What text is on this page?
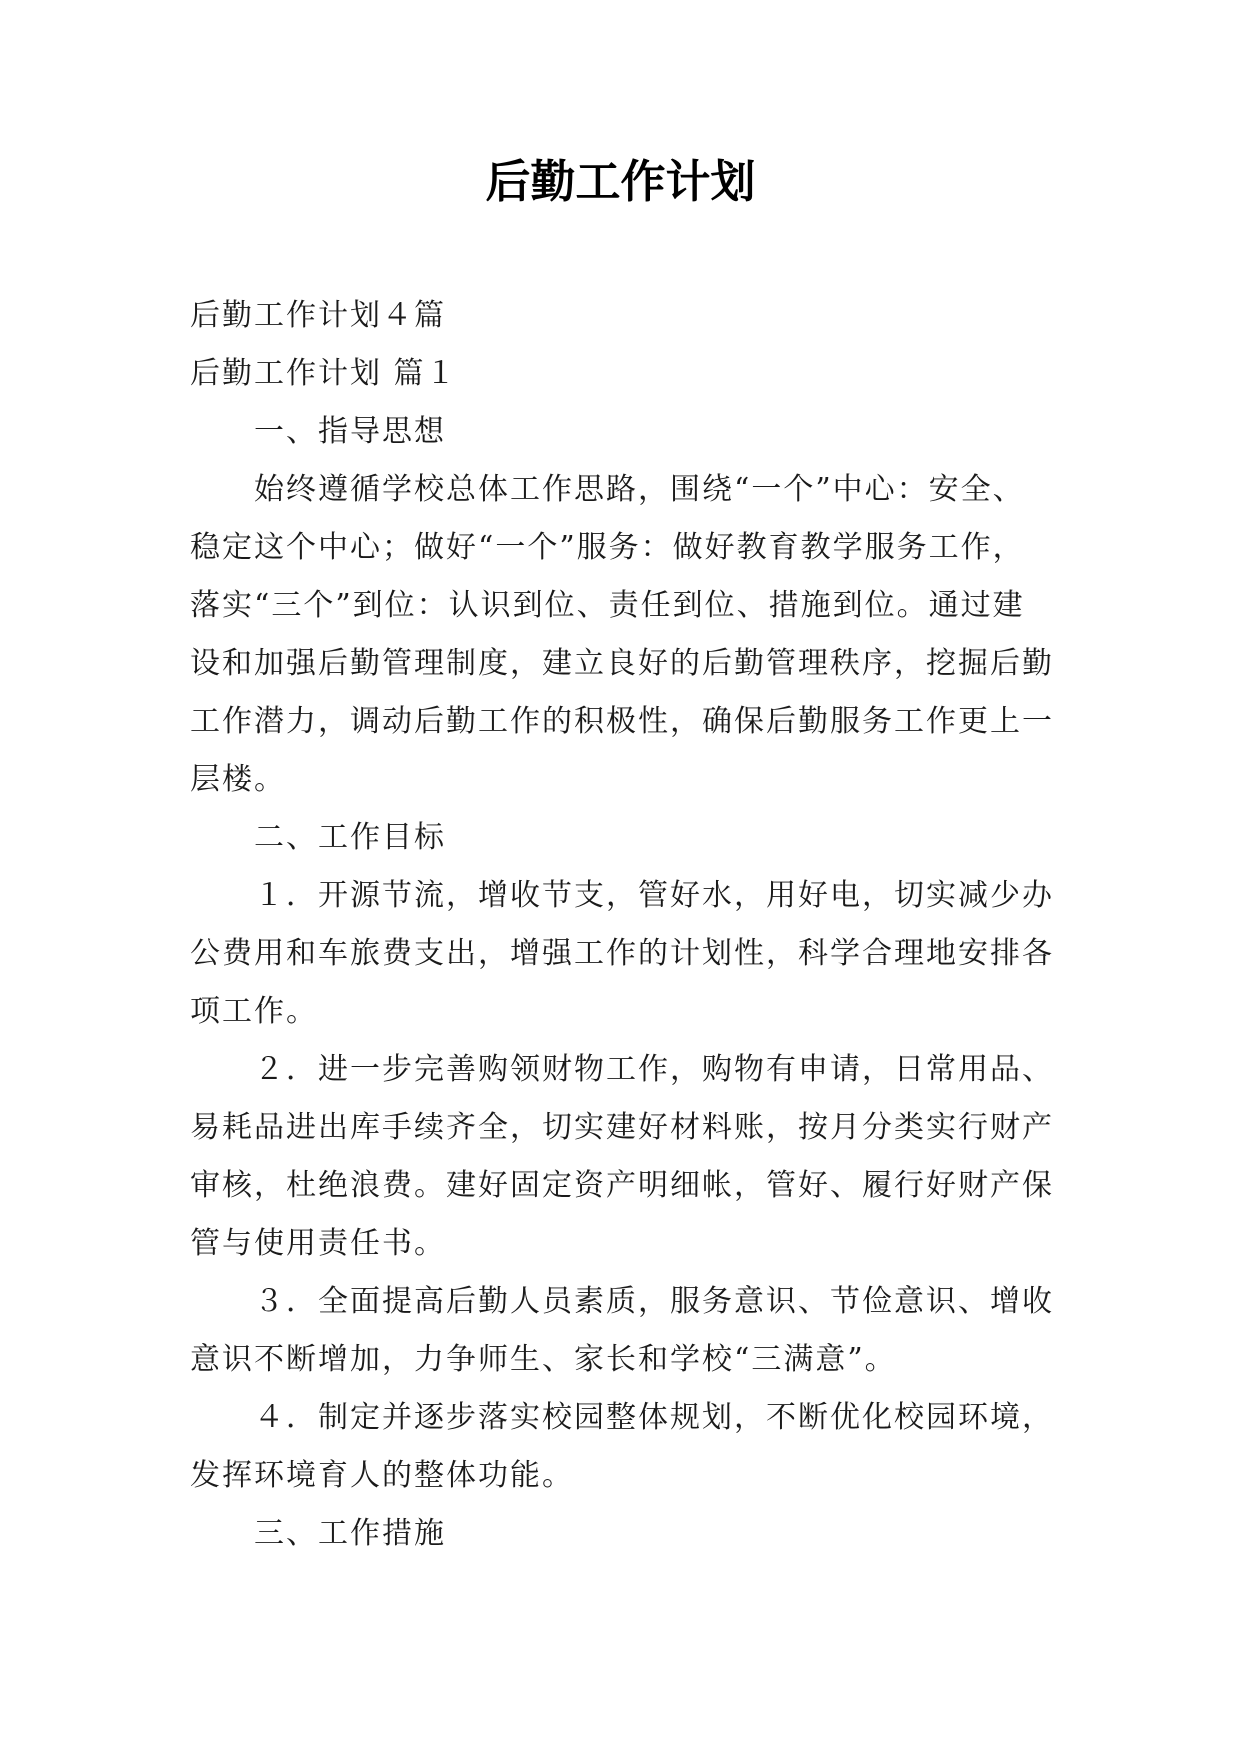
后勤工作计划

后勤工作计划４篇

后勤工作计划 篇１

一、指导思想

始终遵循学校总体工作思路，围绕“一个”中心：安全、稳定这个中心；做好“一个”服务：做好教育教学服务工作，落实“三个”到位：认识到位、责任到位、措施到位。通过建设和加强后勤管理制度，建立良好的后勤管理秩序，挖掘后勤工作潜力，调动后勤工作的积极性，确保后勤服务工作更上一层楼。

二、工作目标

１．开源节流，增收节支，管好水，用好电，切实减少办公费用和车旅费支出，增强工作的计划性，科学合理地安排各项工作。

２．进一步完善购领财物工作，购物有申请，日常用品、易耗品进出库手续齐全，切实建好材料账，按月分类实行财产审核，杜绝浪费。建好固定资产明细帐，管好、履行好财产保管与使用责任书。

３．全面提高后勤人员素质，服务意识、节俭意识、增收意识不断增加，力争师生、家长和学校“三满意”。

４．制定并逐步落实校园整体规划，不断优化校园环境，发挥环境育人的整体功能。

三、工作措施
